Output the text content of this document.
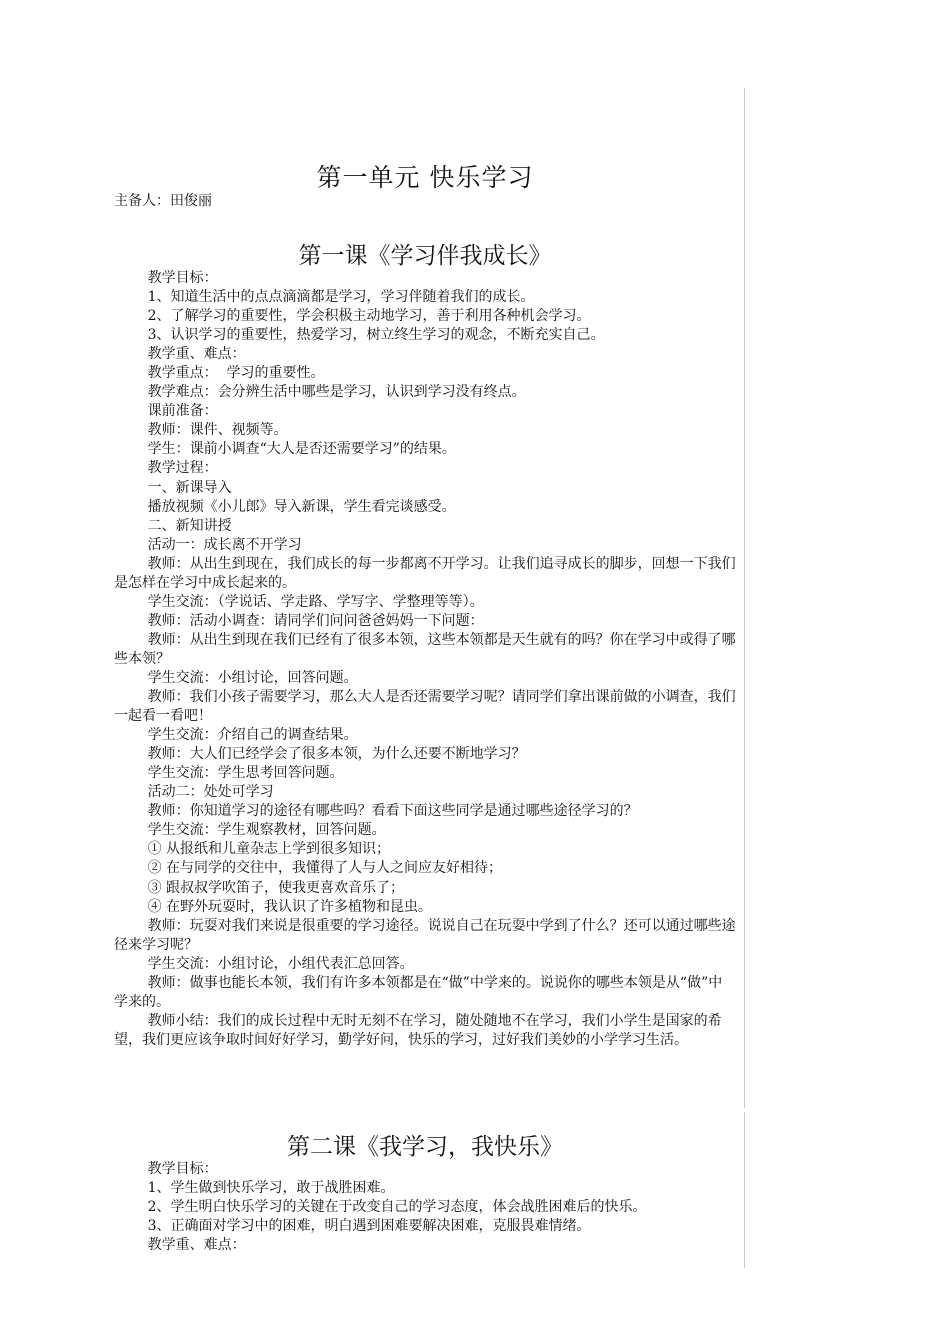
第一单元 快乐学习
主备人：田俊丽
第一课《学习伴我成长》

教学目标：

1、知道生活中的点点滴滴都是学习，学习伴随着我们的成长。

2、了解学习的重要性，学会积极主动地学习，善于利用各种机会学习。

3、认识学习的重要性，热爱学习，树立终生学习的观念，不断充实自己。

教学重、难点：

教学重点：  学习的重要性。

教学难点：会分辨生活中哪些是学习，认识到学习没有终点。

课前准备：

教师：课件、视频等。

学生：课前小调查“大人是否还需要学习”的结果。

教学过程：

一、新课导入

播放视频《小儿郎》导入新课，学生看完谈感受。

二、新知讲授

活动一：成长离不开学习

教师：从出生到现在，我们成长的每一步都离不开学习。让我们追寻成长的脚步，回想一下我们是怎样在学习中成长起来的。

学生交流：（学说话、学走路、学写字、学整理等等）。

教师：活动小调查：请同学们问问爸爸妈妈一下问题：

教师：从出生到现在我们已经有了很多本领，这些本领都是天生就有的吗？你在学习中或得了哪些本领？

学生交流：小组讨论，回答问题。

教师：我们小孩子需要学习，那么大人是否还需要学习呢？请同学们拿出课前做的小调查，我们一起看一看吧！

学生交流：介绍自己的调查结果。

教师：大人们已经学会了很多本领，为什么还要不断地学习？

学生交流：学生思考回答问题。

活动二：处处可学习

教师：你知道学习的途径有哪些吗？看看下面这些同学是通过哪些途径学习的？

学生交流：学生观察教材，回答问题。

① 从报纸和儿童杂志上学到很多知识；

② 在与同学的交往中，我懂得了人与人之间应友好相待；

③ 跟叔叔学吹笛子，使我更喜欢音乐了；

④ 在野外玩耍时，我认识了许多植物和昆虫。

教师：玩耍对我们来说是很重要的学习途径。说说自己在玩耍中学到了什么？还可以通过哪些途径来学习呢？

学生交流：小组讨论，小组代表汇总回答。

教师：做事也能长本领，我们有许多本领都是在“做”中学来的。说说你的哪些本领是从“做”中学来的。

教师小结：我们的成长过程中无时无刻不在学习，随处随地不在学习，我们小学生是国家的希望，我们更应该争取时间好好学习，勤学好问，快乐的学习，过好我们美妙的小学学习生活。

第二课《我学习，我快乐》

教学目标：

1、学生做到快乐学习，敢于战胜困难。

2、学生明白快乐学习的关键在于改变自己的学习态度，体会战胜困难后的快乐。

3、正确面对学习中的困难，明白遇到困难要解决困难，克服畏难情绪。

教学重、难点：
